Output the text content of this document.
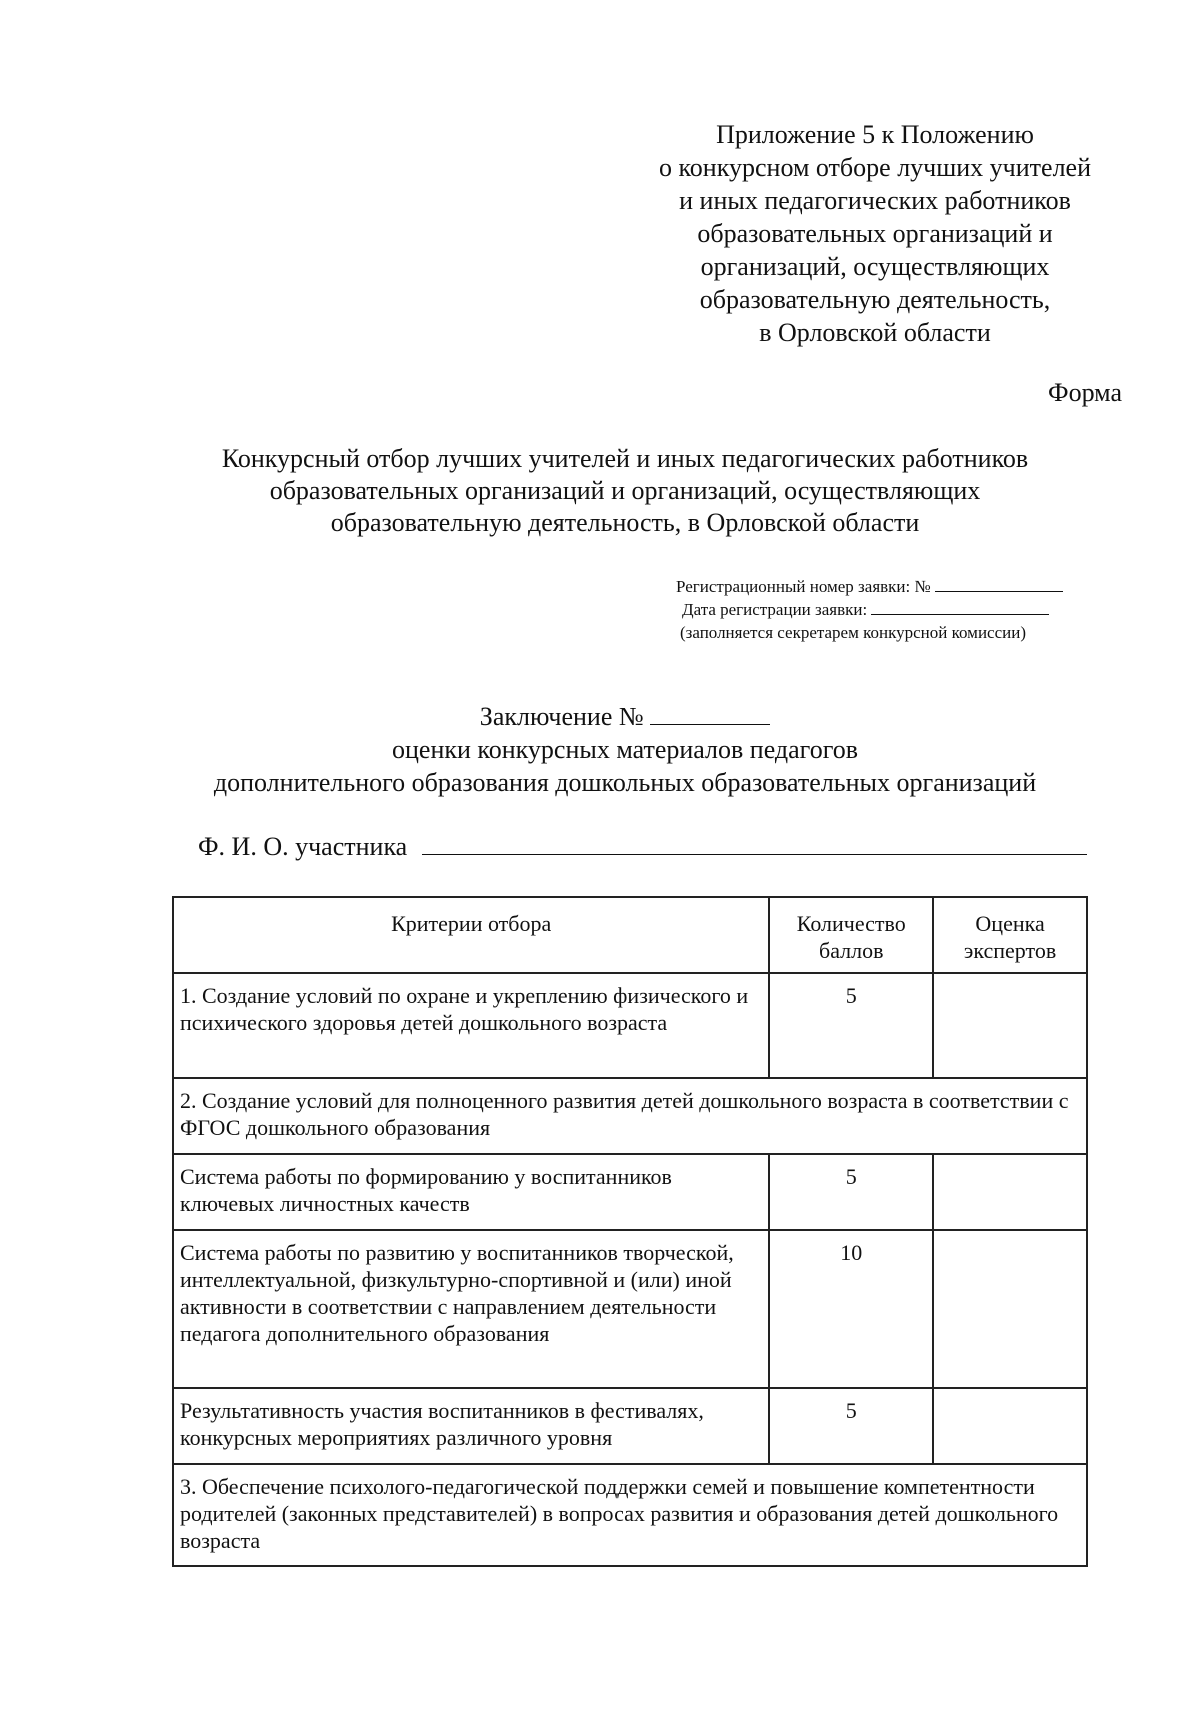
Приложение 5 к Положению
о конкурсном отборе лучших учителей
и иных педагогических работников
образовательных организаций и
организаций, осуществляющих
образовательную деятельность,
в Орловской области
Форма
Конкурсный отбор лучших учителей и иных педагогических работников
образовательных организаций и организаций, осуществляющих
образовательную деятельность, в Орловской области
Регистрационный номер заявки: №
Дата регистрации заявки:
(заполняется секретарем конкурсной комиссии)
Заключение №
оценки конкурсных материалов педагогов
дополнительного образования дошкольных образовательных организаций
Ф. И. О. участника
Критерии отбора	Количество баллов	Оценка экспертов
1. Создание условий по охране и укреплению физического и психического здоровья детей дошкольного возраста	5	
2. Создание условий для полноценного развития детей дошкольного возраста в соответствии с ФГОС дошкольного образования		
Система работы по формированию у воспитанников ключевых личностных качеств	5	
Система работы по развитию у воспитанников творческой, интеллектуальной, физкультурно-спортивной и (или) иной активности в соответствии с направлением деятельности педагога дополнительного образования	10	
Результативность участия воспитанников в фестивалях, конкурсных мероприятиях различного уровня	5	
3. Обеспечение психолого-педагогической поддержки семей и повышение компетентности родителей (законных представителей) в вопросах развития и образования детей дошкольного возраста		
